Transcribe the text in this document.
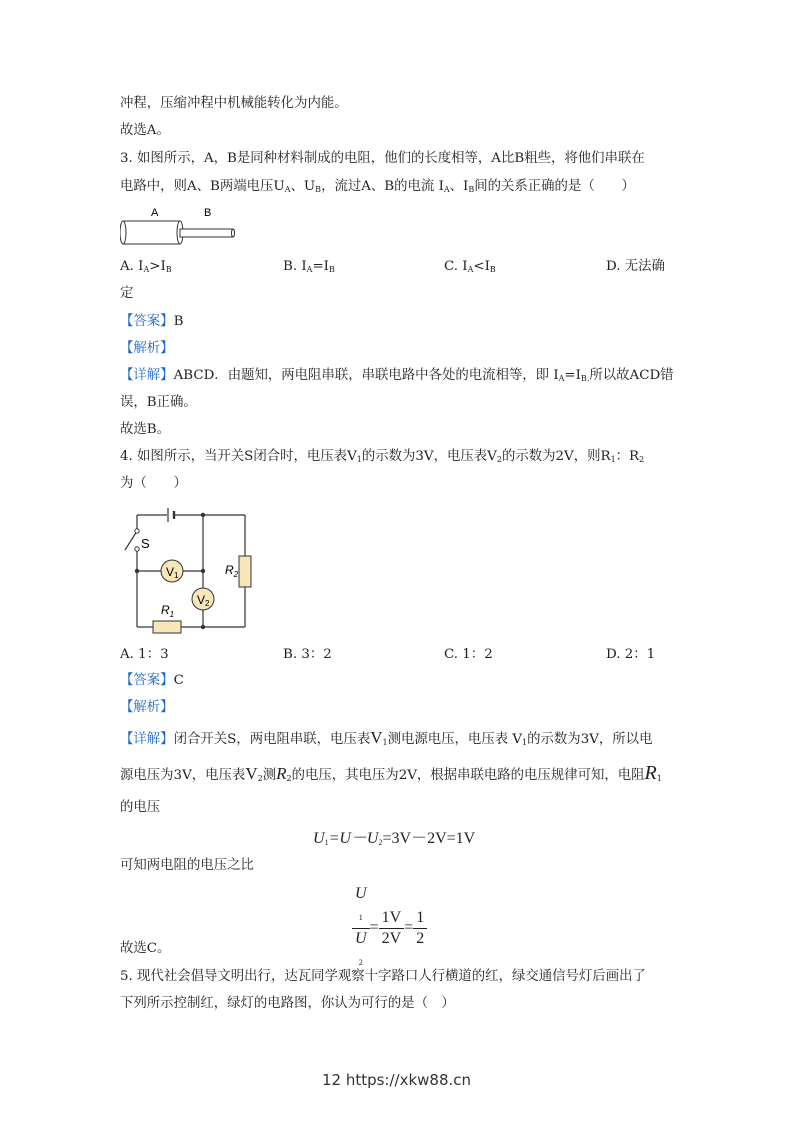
冲程，压缩冲程中机械能转化为内能。
故选A。
3. 如图所示，A，B是同种材料制成的电阻，他们的长度相等，A比B粗些，将他们串联在
电路中，则A、B两端电压$U_A$、$U_B$，流过A、B的电流 $I_A$、$I_B$间的关系正确的是（　　）
A	B
A. $I_A>I_B$	B. $I_A=I_B$	C. $I_A<I_B$	D. 无法确
定
【答案】B
【解析】
【详解】ABCD．由题知，两电阻串联，串联电路中各处的电流相等，即 $I_A=I_{B.}$所以故ACD错
误，B正确。
故选B。
4. 如图所示，当开关S闭合时，电压表$V_1$的示数为3V，电压表$V_2$的示数为2V，则$R_1$：$R_2$
为（　　）
S
V1
V2
$R_2$
$R_1$
A. 1：3	B. 3：2	C. 1：2	D. 2：1
【答案】C
【解析】
【详解】闭合开关S，两电阻串联，电压表$V_1$测电源电压，电压表 $V_1$的示数为3V，所以电
源电压为3V，电压表$V_2$测$R_2$的电压，其电压为2V，根据串联电路的电压规律可知，电阻$R_1$
的电压
$U_1=U-U_2=3V-2V=1V$
可知两电阻的电压之比
U
$_1$
U
$_2 = \frac{1V}{2V} = \frac{1}{2}$
故选C。
5. 现代社会倡导文明出行，达瓦同学观察十字路口人行横道的红，绿交通信号灯后画出了
下列所示控制红，绿灯的电路图，你认为可行的是（　）
12 https://xkw88.cn
